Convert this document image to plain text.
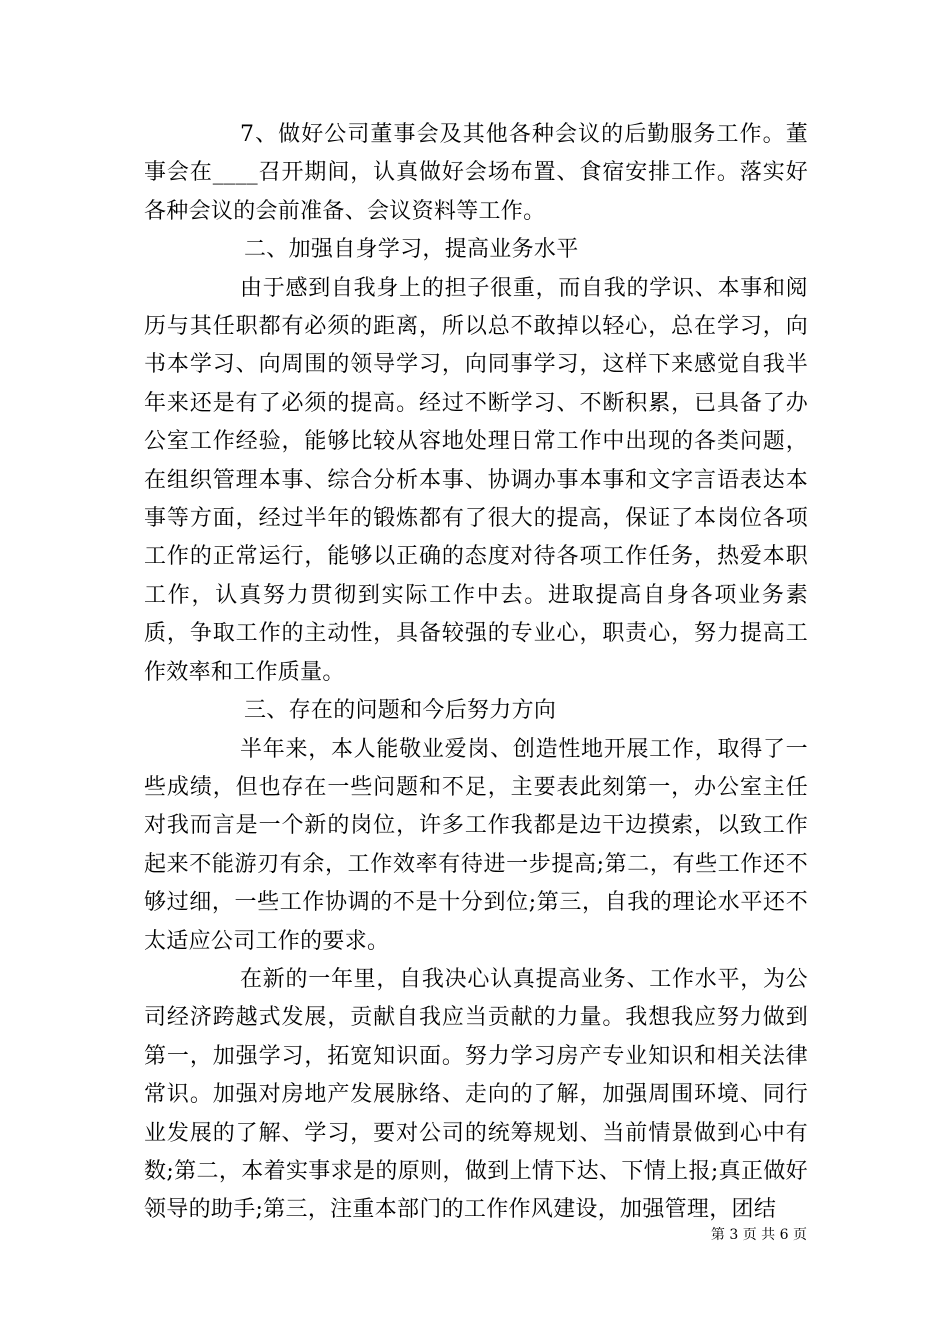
7、做好公司董事会及其他各种会议的后勤服务工作。董事会在____召开期间，认真做好会场布置、食宿安排工作。落实好各种会议的会前准备、会议资料等工作。

二、加强自身学习，提高业务水平

由于感到自我身上的担子很重，而自我的学识、本事和阅历与其任职都有必须的距离，所以总不敢掉以轻心，总在学习，向书本学习、向周围的领导学习，向同事学习，这样下来感觉自我半年来还是有了必须的提高。经过不断学习、不断积累，已具备了办公室工作经验，能够比较从容地处理日常工作中出现的各类问题，在组织管理本事、综合分析本事、协调办事本事和文字言语表达本事等方面，经过半年的锻炼都有了很大的提高，保证了本岗位各项工作的正常运行，能够以正确的态度对待各项工作任务，热爱本职工作，认真努力贯彻到实际工作中去。进取提高自身各项业务素质，争取工作的主动性，具备较强的专业心，职责心，努力提高工作效率和工作质量。

三、存在的问题和今后努力方向

半年来，本人能敬业爱岗、创造性地开展工作，取得了一些成绩，但也存在一些问题和不足，主要表此刻第一，办公室主任对我而言是一个新的岗位，许多工作我都是边干边摸索，以致工作起来不能游刃有余，工作效率有待进一步提高;第二，有些工作还不够过细，一些工作协调的不是十分到位;第三，自我的理论水平还不太适应公司工作的要求。

在新的一年里，自我决心认真提高业务、工作水平，为公司经济跨越式发展，贡献自我应当贡献的力量。我想我应努力做到第一，加强学习，拓宽知识面。努力学习房产专业知识和相关法律常识。加强对房地产发展脉络、走向的了解，加强周围环境、同行业发展的了解、学习，要对公司的统筹规划、当前情景做到心中有数;第二，本着实事求是的原则，做到上情下达、下情上报;真正做好领导的助手;第三，注重本部门的工作作风建设，加强管理，团结

第 3 页 共 6 页
